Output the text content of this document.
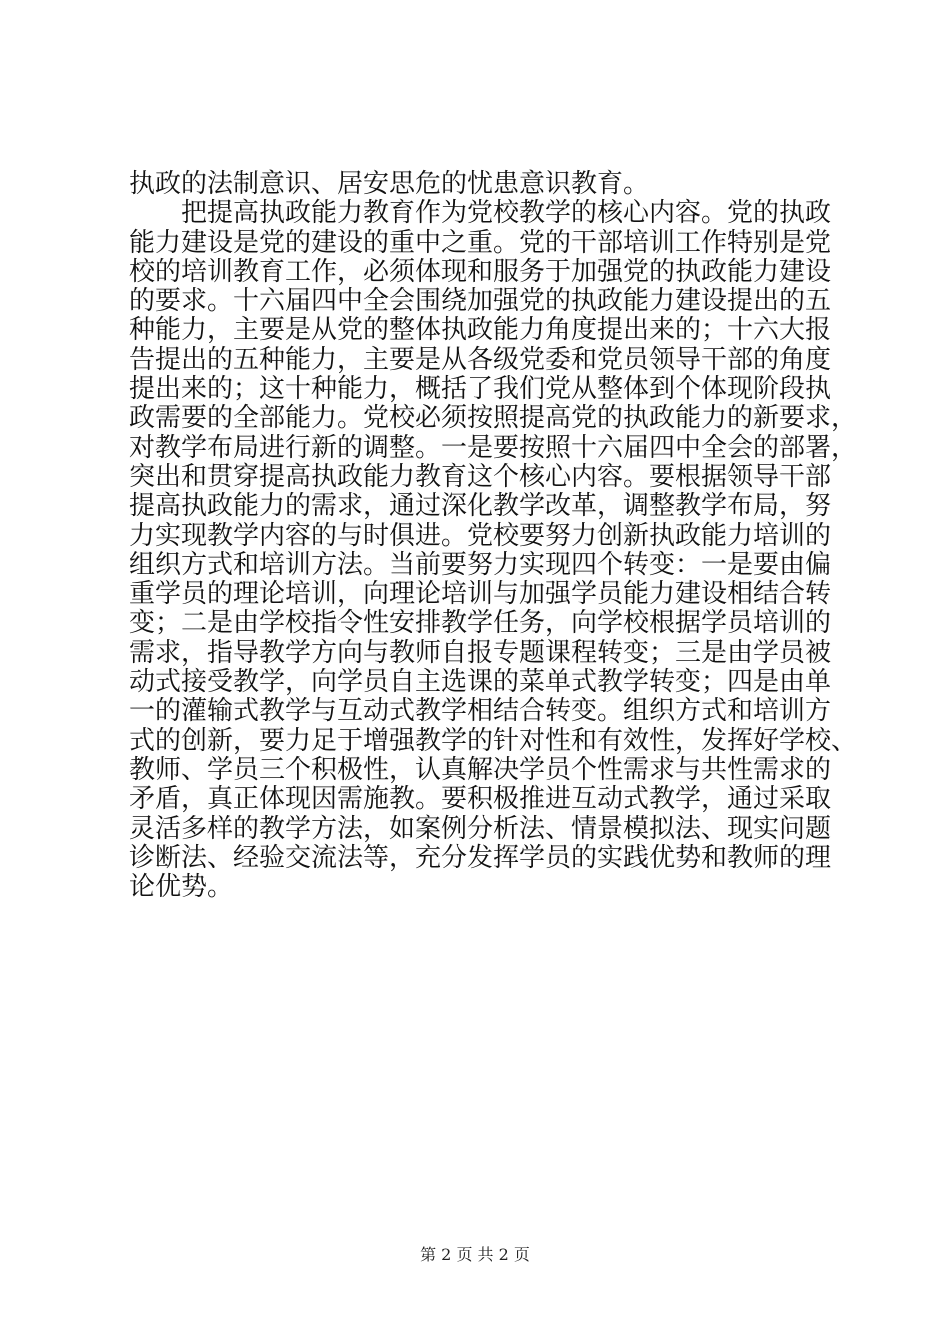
执政的法制意识、居安思危的忧患意识教育。
　　把提高执政能力教育作为党校教学的核心内容。党的执政
能力建设是党的建设的重中之重。党的干部培训工作特别是党
校的培训教育工作，必须体现和服务于加强党的执政能力建设
的要求。十六届四中全会围绕加强党的执政能力建设提出的五
种能力，主要是从党的整体执政能力角度提出来的；十六大报
告提出的五种能力，主要是从各级党委和党员领导干部的角度
提出来的；这十种能力，概括了我们党从整体到个体现阶段执
政需要的全部能力。党校必须按照提高党的执政能力的新要求，
对教学布局进行新的调整。一是要按照十六届四中全会的部署，
突出和贯穿提高执政能力教育这个核心内容。要根据领导干部
提高执政能力的需求，通过深化教学改革，调整教学布局，努
力实现教学内容的与时俱进。党校要努力创新执政能力培训的
组织方式和培训方法。当前要努力实现四个转变：一是要由偏
重学员的理论培训，向理论培训与加强学员能力建设相结合转
变；二是由学校指令性安排教学任务，向学校根据学员培训的
需求，指导教学方向与教师自报专题课程转变；三是由学员被
动式接受教学，向学员自主选课的菜单式教学转变；四是由单
一的灌输式教学与互动式教学相结合转变。组织方式和培训方
式的创新，要力足于增强教学的针对性和有效性，发挥好学校、
教师、学员三个积极性，认真解决学员个性需求与共性需求的
矛盾，真正体现因需施教。要积极推进互动式教学，通过采取
灵活多样的教学方法，如案例分析法、情景模拟法、现实问题
诊断法、经验交流法等，充分发挥学员的实践优势和教师的理
论优势。
第 2 页 共 2 页
